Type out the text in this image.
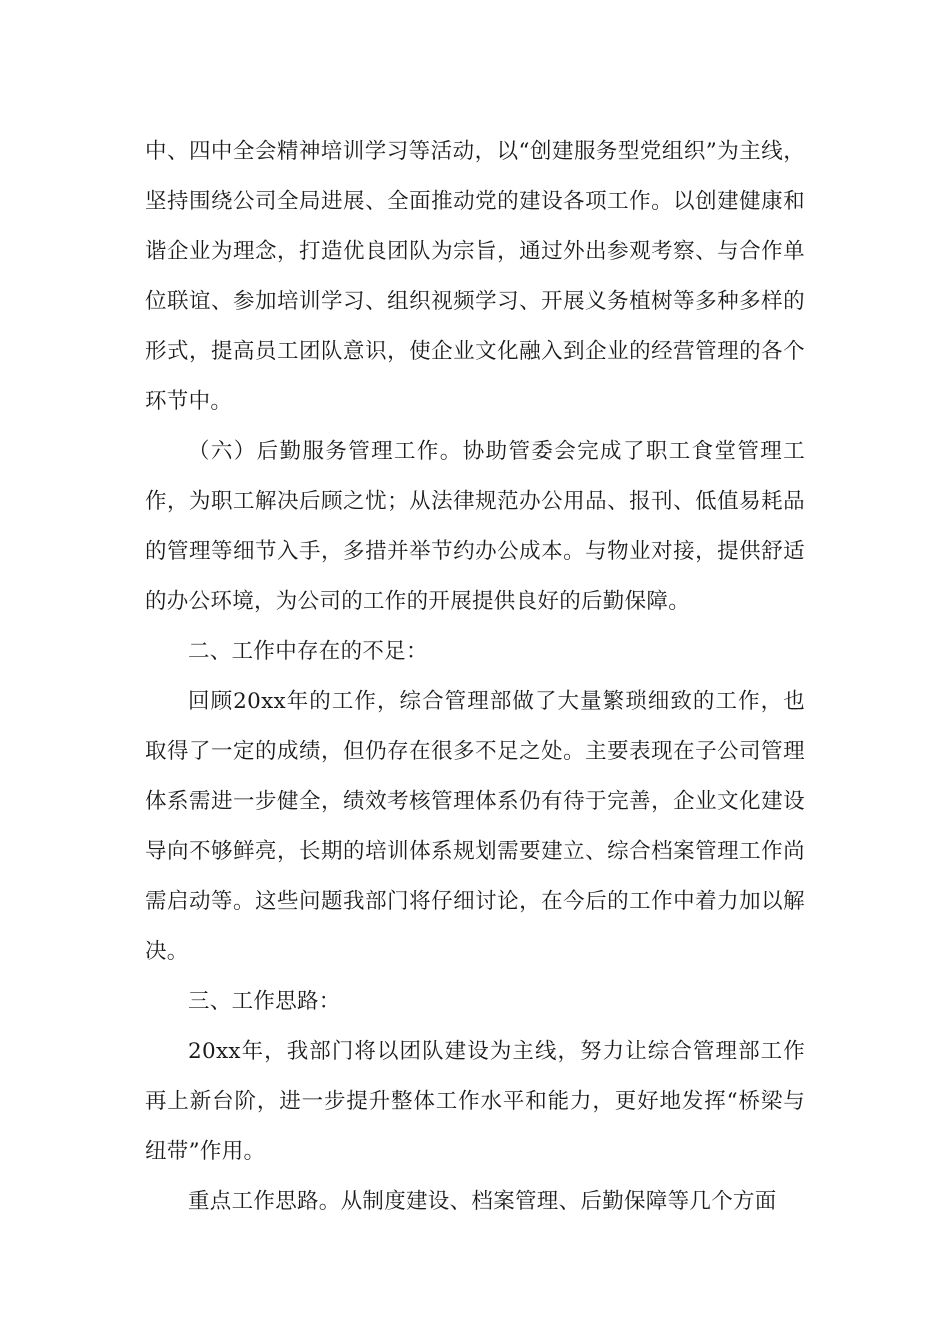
中、四中全会精神培训学习等活动，以“创建服务型党组织”为主线，坚持围绕公司全局进展、全面推动党的建设各项工作。以创建健康和谐企业为理念，打造优良团队为宗旨，通过外出参观考察、与合作单位联谊、参加培训学习、组织视频学习、开展义务植树等多种多样的形式，提高员工团队意识，使企业文化融入到企业的经营管理的各个环节中。

（六）后勤服务管理工作。协助管委会完成了职工食堂管理工作，为职工解决后顾之忧；从法律规范办公用品、报刊、低值易耗品的管理等细节入手，多措并举节约办公成本。与物业对接，提供舒适的办公环境，为公司的工作的开展提供良好的后勤保障。

二、工作中存在的不足：

回顾20xx年的工作，综合管理部做了大量繁琐细致的工作，也取得了一定的成绩，但仍存在很多不足之处。主要表现在子公司管理体系需进一步健全，绩效考核管理体系仍有待于完善，企业文化建设导向不够鲜亮，长期的培训体系规划需要建立、综合档案管理工作尚需启动等。这些问题我部门将仔细讨论，在今后的工作中着力加以解决。

三、工作思路：

20xx年，我部门将以团队建设为主线，努力让综合管理部工作再上新台阶，进一步提升整体工作水平和能力，更好地发挥“桥梁与纽带”作用。

重点工作思路。从制度建设、档案管理、后勤保障等几个方面
